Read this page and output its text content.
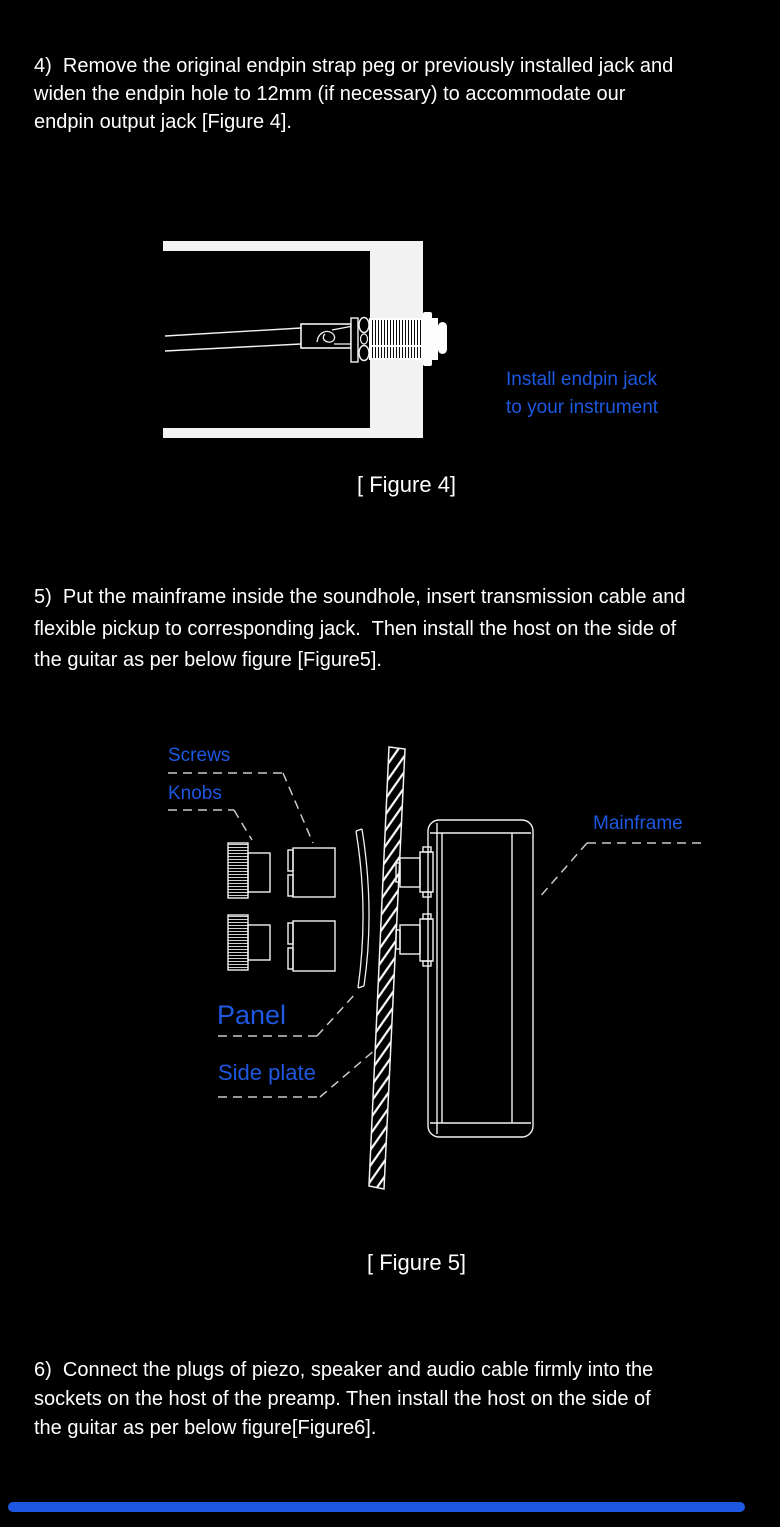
4)  Remove the original endpin strap peg or previously installed jack and
widen the endpin hole to 12mm (if necessary) to accommodate our
endpin output jack [Figure 4].
Install endpin jack
to your instrument
[ Figure 4]
5)  Put the mainframe inside the soundhole, insert transmission cable and
flexible pickup to corresponding jack.  Then install the host on the side of
the guitar as per below figure [Figure5].
Screws
Knobs
Mainframe
Panel
Side plate
[ Figure 5]
6)  Connect the plugs of piezo, speaker and audio cable firmly into the
sockets on the host of the preamp. Then install the host on the side of
the guitar as per below figure[Figure6].
